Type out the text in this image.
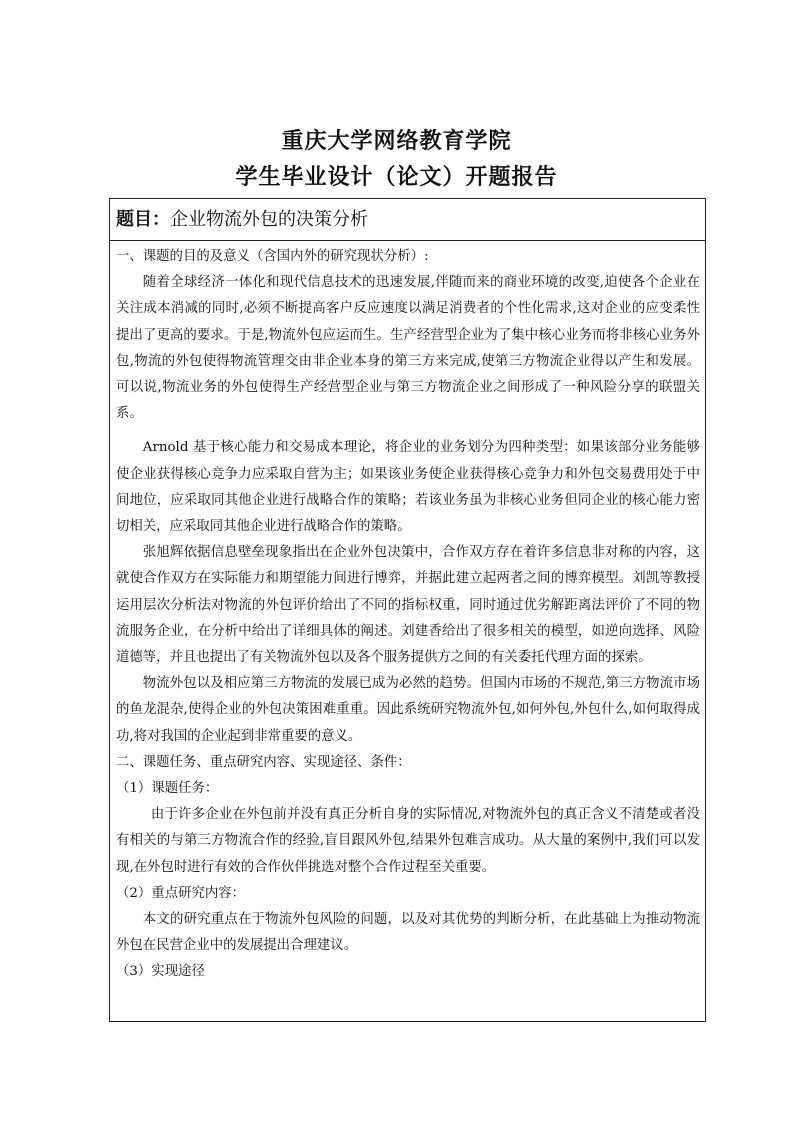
重庆大学网络教育学院
学生毕业设计（论文）开题报告
题目：企业物流外包的决策分析

一、课题的目的及意义（含国内外的研究现状分析）:

随着全球经济一体化和现代信息技术的迅速发展,伴随而来的商业环境的改变,迫使各个企业在关注成本消减的同时,必须不断提高客户反应速度以满足消费者的个性化需求,这对企业的应变柔性提出了更高的要求。于是,物流外包应运而生。生产经营型企业为了集中核心业务而将非核心业务外包,物流的外包使得物流管理交由非企业本身的第三方来完成,使第三方物流企业得以产生和发展。可以说,物流业务的外包使得生产经营型企业与第三方物流企业之间形成了一种风险分享的联盟关系。

Arnold 基于核心能力和交易成本理论，将企业的业务划分为四种类型：如果该部分业务能够使企业获得核心竞争力应采取自营为主；如果该业务使企业获得核心竞争力和外包交易费用处于中间地位，应采取同其他企业进行战略合作的策略；若该业务虽为非核心业务但同企业的核心能力密切相关，应采取同其他企业进行战略合作的策略。

张旭辉依据信息壁垒现象指出在企业外包决策中，合作双方存在着许多信息非对称的内容，这就使合作双方在实际能力和期望能力间进行博弈，并据此建立起两者之间的博弈模型。刘凯等教授运用层次分析法对物流的外包评价给出了不同的指标权重，同时通过优劣解距离法评价了不同的物流服务企业，在分析中给出了详细具体的阐述。刘建香给出了很多相关的模型，如逆向选择、风险道德等，并且也提出了有关物流外包以及各个服务提供方之间的有关委托代理方面的探索。

物流外包以及相应第三方物流的发展已成为必然的趋势。但国内市场的不规范,第三方物流市场的鱼龙混杂,使得企业的外包决策困难重重。因此系统研究物流外包,如何外包,外包什么,如何取得成功,将对我国的企业起到非常重要的意义。

二、课题任务、重点研究内容、实现途径、条件：

（1）课题任务：

由于许多企业在外包前并没有真正分析自身的实际情况,对物流外包的真正含义不清楚或者没有相关的与第三方物流合作的经验,盲目跟风外包,结果外包难言成功。从大量的案例中,我们可以发现,在外包时进行有效的合作伙伴挑选对整个合作过程至关重要。

（2）重点研究内容：

本文的研究重点在于物流外包风险的问题，以及对其优势的判断分析，在此基础上为推动物流外包在民营企业中的发展提出合理建议。

（3）实现途径
